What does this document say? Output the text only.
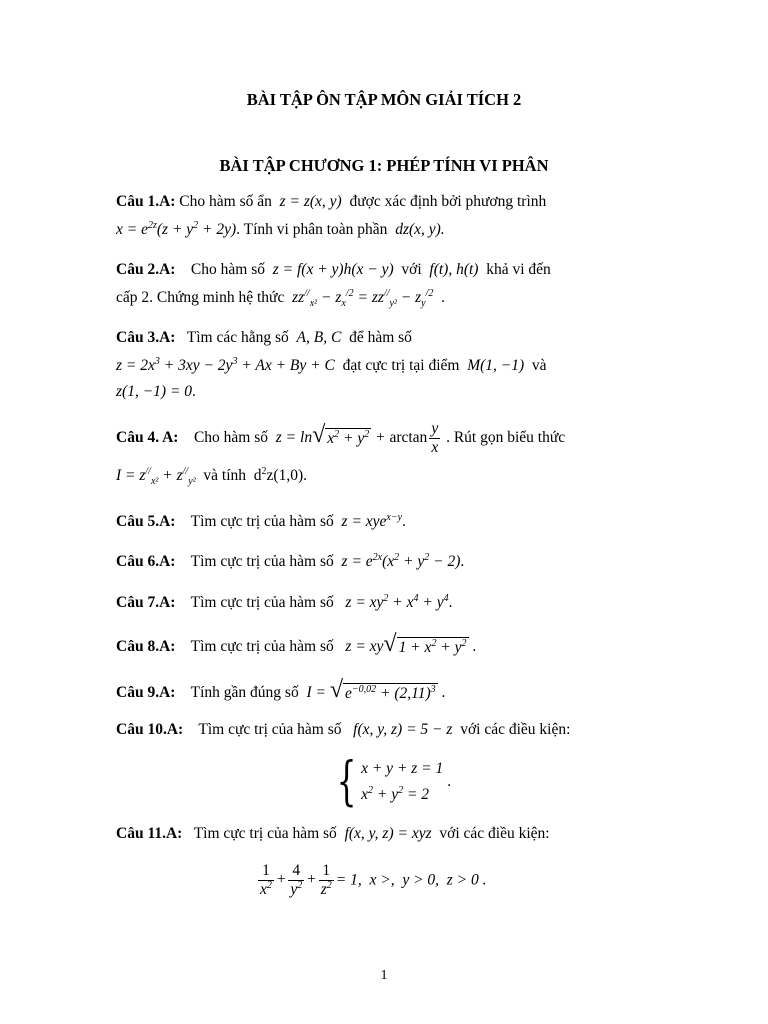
BÀI TẬP ÔN TẬP MÔN GIẢI TÍCH 2
BÀI TẬP CHƯƠNG 1: PHÉP TÍNH VI PHÂN
Câu 1.A: Cho hàm số ẩn  z = z(x, y)  được xác định bởi phương trình
$x = e^{2z}(z + y^2 + 2y)$. Tính vi phân toàn phần  dz(x, y).
Câu 2.A: Cho hàm số  z = f(x + y)h(x − y)  với  f(t), h(t)  khả vi đến
cấp 2. Chứng minh hệ thức  $zz^{//}_{x^2} - z_x^{/2} = zz^{//}_{y^2} - z_y^{/2}$  .
Câu 3.A: Tìm các hằng số  A, B, C  để hàm số
$z = 2x^3 + 3xy - 2y^3 + Ax + By + C$  đạt cực trị tại điểm  M(1, −1)  và
z(1, −1) = 0.
Câu 4. A: Cho hàm số z = ln √ $x^2 + y^2 + \arctan \frac{y}{x}$ . Rút gọn biểu thức
$I = z^{//}_{x^2} + z^{//}_{y^2}$ và tính  $d^2z(1,0)$.
Câu 5.A: Tìm cực trị của hàm số  z = xye$^{x-y}$.
Câu 6.A: Tìm cực trị của hàm số  $z = e^{2x}(x^2 + y^2 - 2)$.
Câu 7.A: Tìm cực trị của hàm số   $z = xy^2 + x^4 + y^4$.
Câu 8.A: Tìm cực trị của hàm số   z = xy √ $1 + x^2 + y^2$ .
Câu 9.A: Tính gần đúng số  I = √ $e^{-0,02} + (2,11)^3$ .
Câu 10.A: Tìm cực trị của hàm số   f(x, y, z) = 5 − z  với các điều kiện:
{ x + y + z = 1
$x^2 + y^2 = 2$
.
Câu 11.A: Tìm cực trị của hàm số  f(x, y, z) = xyz  với các điều kiện:
$\frac{1}{x^2} + \frac{4}{y^2} + \frac{1}{z^2} = 1$,  x >,  y > 0,  z > 0 .
1
